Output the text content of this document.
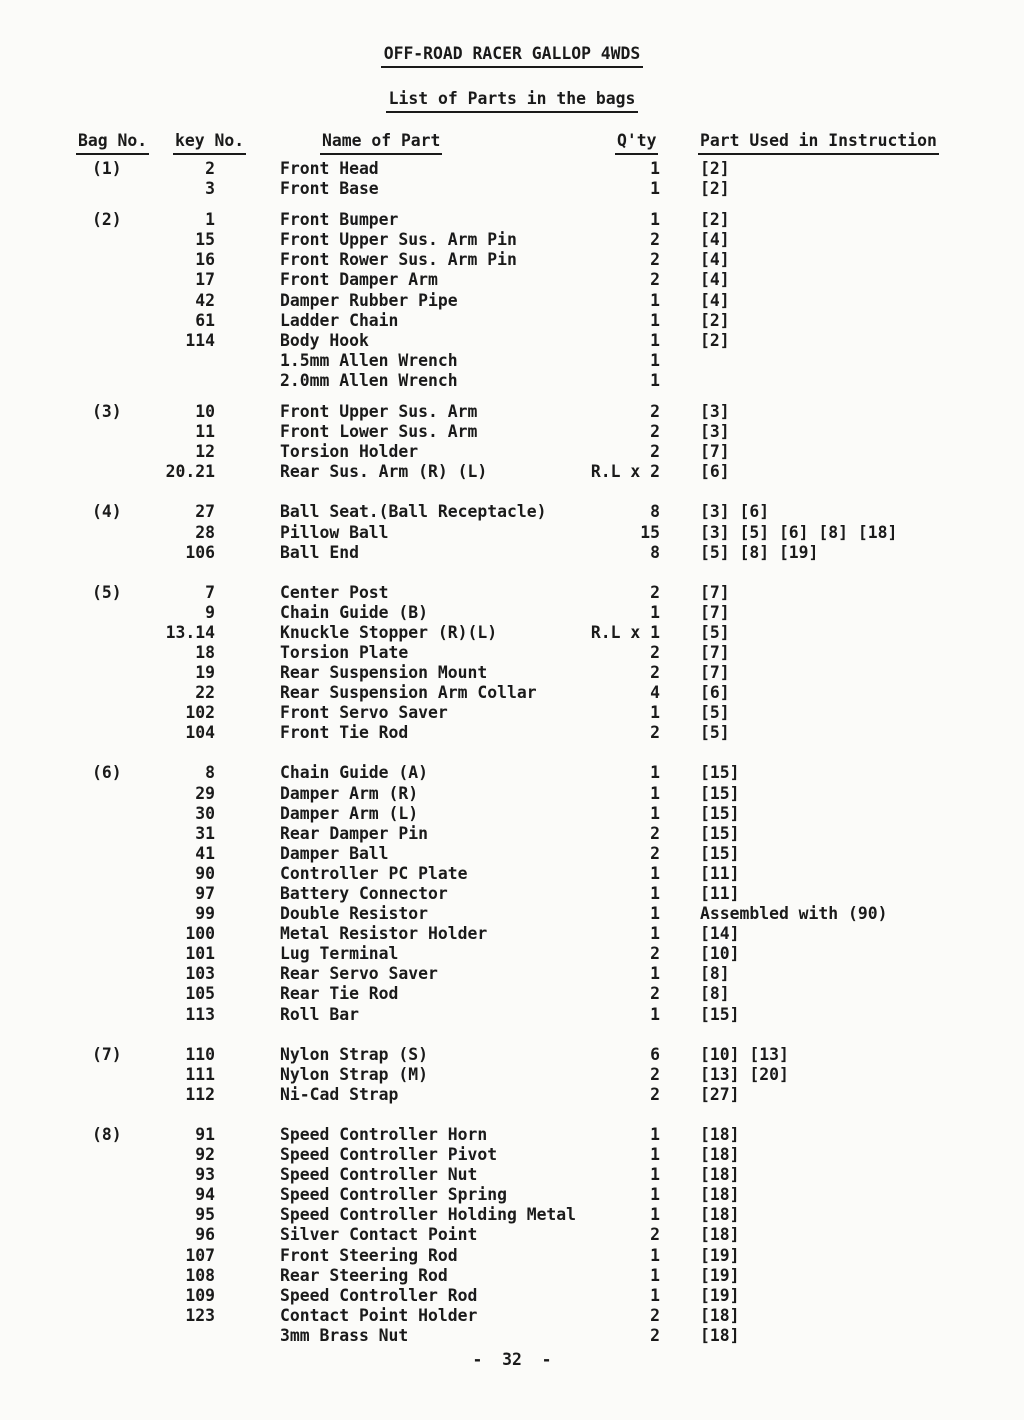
OFF-ROAD RACER GALLOP 4WDS
List of Parts in the bags
Bag No. key No.	Name of Part	Q'ty	Part Used in Instruction
(1)	2	Front Head	1 [2]
3	Front Base	1 [2]
(2)	1	Front Bumper	1 [2]
15	Front Upper Sus. Arm Pin	2 [4]
16	Front Rower Sus. Arm Pin	2 [4]
17	Front Damper Arm	2 [4]
42	Damper Rubber Pipe	1 [4]
61	Ladder Chain	1 [2]
114	Body Hook	1 [2]
1.5mm Allen Wrench	1
2.0mm Allen Wrench	1
(3)	10	Front Upper Sus. Arm	2 [3]
11	Front Lower Sus. Arm	2 [3]
12	Torsion Holder	2 [7]
20.21	Rear Sus. Arm (R) (L)	R.L x 2 [6]
(4)	27	Ball Seat.(Ball Receptacle)	8 [3] [6]
28	Pillow Ball	15 [3] [5] [6] [8] [18]
106	Ball End	8 [5] [8] [19]
(5)	7	Center Post	2 [7]
9	Chain Guide (B)	1 [7]
13.14	Knuckle Stopper (R)(L)	R.L x 1 [5]
18	Torsion Plate	2 [7]
19	Rear Suspension Mount	2 [7]
22	Rear Suspension Arm Collar	4 [6]
102	Front Servo Saver	1 [5]
104	Front Tie Rod	2 [5]
(6)	8	Chain Guide (A)	1 [15]
29	Damper Arm (R)	1 [15]
30	Damper Arm (L)	1 [15]
31	Rear Damper Pin	2 [15]
41	Damper Ball	2 [15]
90	Controller PC Plate	1 [11]
97	Battery Connector	1 [11]
99	Double Resistor	1 Assembled with (90)
100	Metal Resistor Holder	1 [14]
101	Lug Terminal	2 [10]
103	Rear Servo Saver	1 [8]
105	Rear Tie Rod	2 [8]
113	Roll Bar	1 [15]
(7)	110	Nylon Strap (S)	6 [10] [13]
111	Nylon Strap (M)	2 [13] [20]
112	Ni-Cad Strap	2 [27]
(8)	91	Speed Controller Horn	1 [18]
92	Speed Controller Pivot	1 [18]
93	Speed Controller Nut	1 [18]
94	Speed Controller Spring	1 [18]
95	Speed Controller Holding Metal	1 [18]
96	Silver Contact Point	2 [18]
107	Front Steering Rod	1 [19]
108	Rear Steering Rod	1 [19]
109	Speed Controller Rod	1 [19]
123	Contact Point Holder	2 [18]
3mm Brass Nut	2 [18]
-  32  -
